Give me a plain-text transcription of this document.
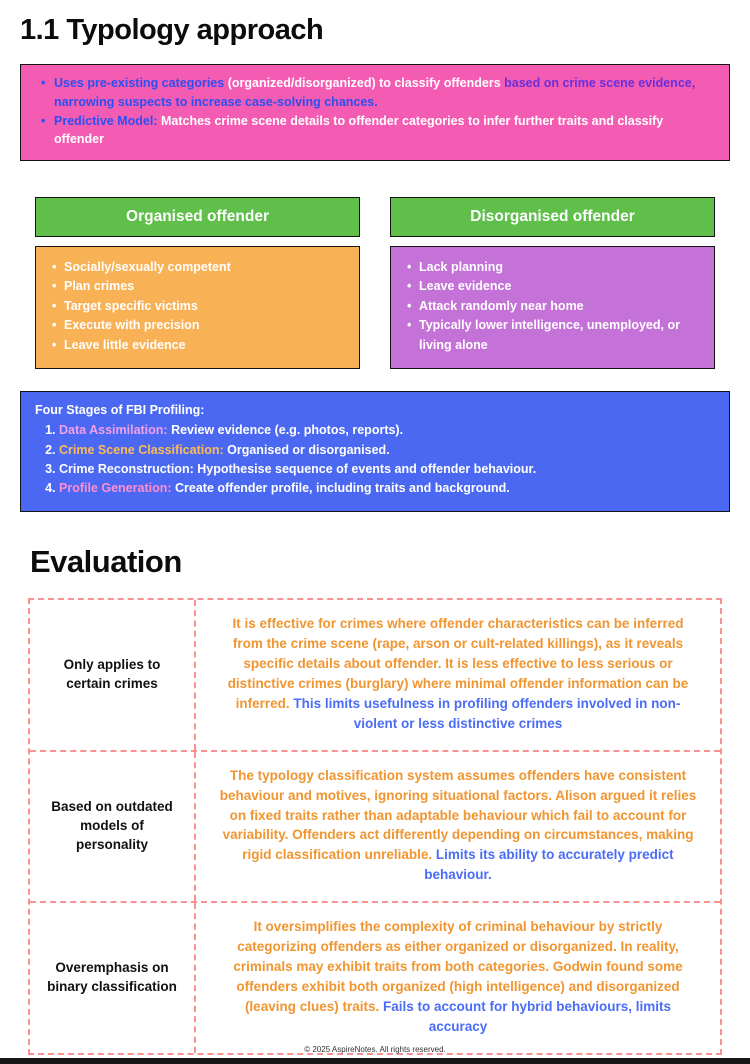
1.1 Typology approach
• Uses pre-existing categories (organized/disorganized) to classify offenders based on crime scene evidence, narrowing suspects to increase case-solving chances.
• Predictive Model: Matches crime scene details to offender categories to infer further traits and classify offender
Organised offender
• Socially/sexually competent
• Plan crimes
• Target specific victims
• Execute with precision
• Leave little evidence
Disorganised offender
• Lack planning
• Leave evidence
• Attack randomly near home
• Typically lower intelligence, unemployed, or living alone
Four Stages of FBI Profiling:
1. Data Assimilation: Review evidence (e.g. photos, reports).
2. Crime Scene Classification: Organised or disorganised.
3. Crime Reconstruction: Hypothesise sequence of events and offender behaviour.
4. Profile Generation: Create offender profile, including traits and background.
Evaluation
Only applies to certain crimes
It is effective for crimes where offender characteristics can be inferred from the crime scene (rape, arson or cult-related killings), as it reveals specific details about offender. It is less effective to less serious or distinctive crimes (burglary) where minimal offender information can be inferred. This limits usefulness in profiling offenders involved in non-violent or less distinctive crimes
Based on outdated models of personality
The typology classification system assumes offenders have consistent behaviour and motives, ignoring situational factors. Alison argued it relies on fixed traits rather than adaptable behaviour which fail to account for variability. Offenders act differently depending on circumstances, making rigid classification unreliable. Limits its ability to accurately predict behaviour.
Overemphasis on binary classification
It oversimplifies the complexity of criminal behaviour by strictly categorizing offenders as either organized or disorganized. In reality, criminals may exhibit traits from both categories. Godwin found some offenders exhibit both organized (high intelligence) and disorganized (leaving clues) traits. Fails to account for hybrid behaviours, limits accuracy
© 2025 AspireNotes. All rights reserved.
